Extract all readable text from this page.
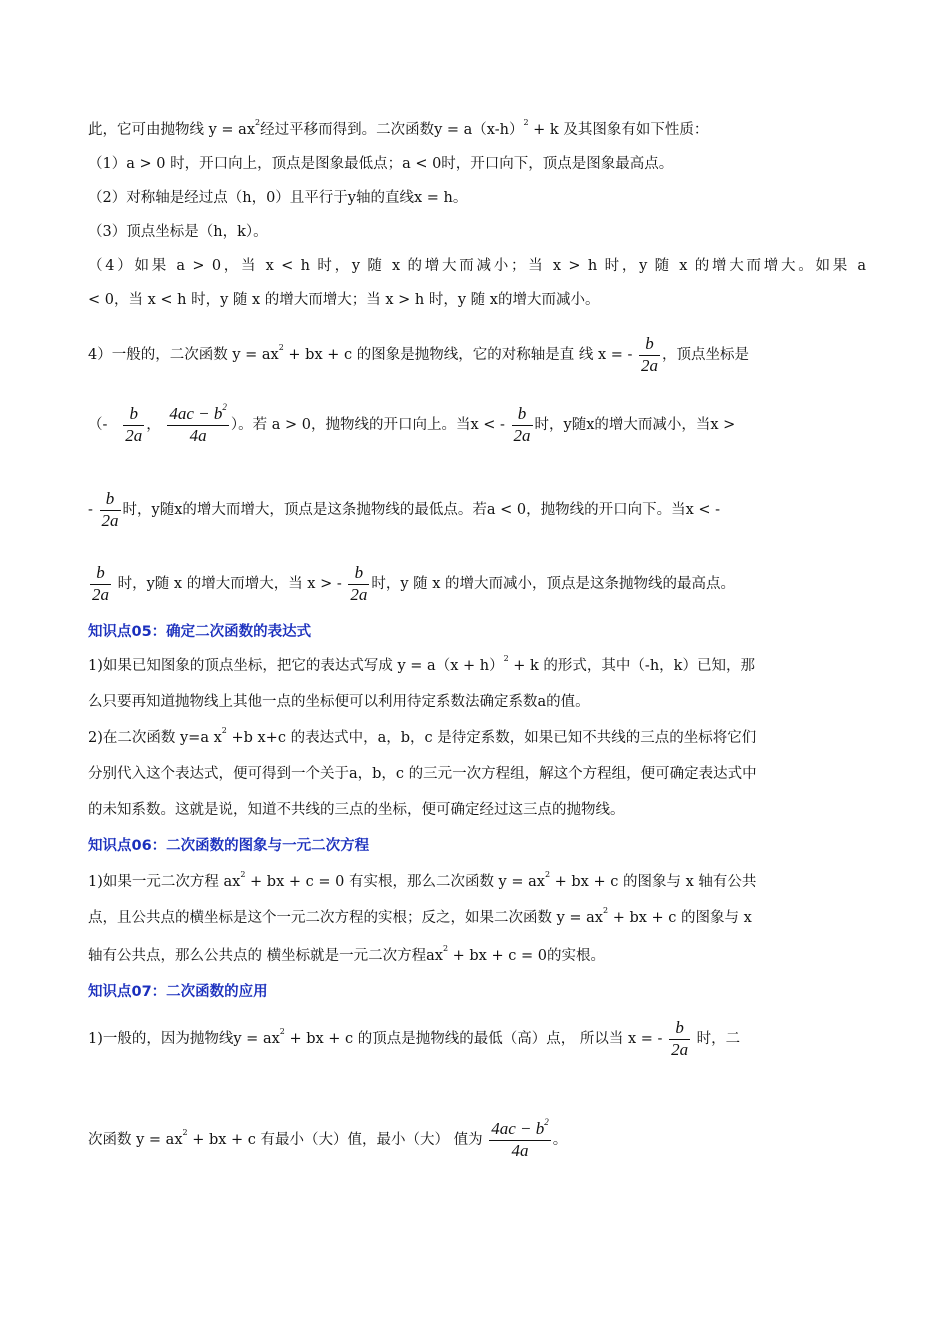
此，它可由抛物线 $y = ax^2$经过平移而得到。二次函数$y = a(x-h)^2 + k$ 及其图象有如下性质：
（1）a > 0 时，开口向上，顶点是图象最低点；a < 0时，开口向下，顶点是图象最高点。
（2）对称轴是经过点（h，0）且平行于y轴的直线x = h。
（3）顶点坐标是（h，k）。
（4）如果 a > 0，当 x < h 时，y 随 x 的增大而减小；当 x > h 时，y 随 x 的增大而增大。如果 a
< 0，当 x < h 时，y 随 x 的增大而增大；当 x > h 时，y 随 x的增大而减小。
4）一般的，二次函数 $y = ax^2$ + bx + c 的图象是抛物线，它的对称轴是直 线 x = - $\frac{b}{2a}$ ，顶点坐标是
（- $\frac{b}{2a}$ ， $\frac{4ac - b^2}{4a}$ ）。若 a > 0，抛物线的开口向上。当x < - $\frac{b}{2a}$ 时，y随x的增大而减小，当x >
- $\frac{b}{2a}$ 时，y随x的增大而增大，顶点是这条抛物线的最低点。若a < 0，抛物线的开口向下。当x < -
$\frac{b}{2a}$ 时，y随 x 的增大而增大，当 x > - $\frac{b}{2a}$ 时，y 随 x 的增大而减小，顶点是这条抛物线的最高点。
知识点05：确定二次函数的表达式
1)如果已知图象的顶点坐标，把它的表达式写成 $y = a(x + h)^2 + k$ 的形式，其中（-h，k）已知，那
么只要再知道抛物线上其他一点的坐标便可以利用待定系数法确定系数a的值。
2)在二次函数 y=a $x^2 +b$ x+c 的表达式中，a，b，c 是待定系数，如果已知不共线的三点的坐标将它们
分别代入这个表达式，便可得到一个关于a，b，c 的三元一次方程组，解这个方程组，便可确定表达式中
的未知系数。这就是说，知道不共线的三点的坐标，便可确定经过这三点的抛物线。
知识点06：二次函数的图象与一元二次方程
1)如果一元二次方程 $ax^2$ + bx + c = 0 有实根，那么二次函数 $y = ax^2$ + bx + c 的图象与 x 轴有公共
点，且公共点的横坐标是这个一元二次方程的实根；反之，如果二次函数 $y = ax^2$ + bx + c 的图象与 x
轴有公共点，那么公共点的 横坐标就是一元二次方程$ax^2$ + bx + c = 0的实根。
知识点07：二次函数的应用
1)一般的，因为抛物线$y = ax^2$ + bx + c 的顶点是抛物线的最低（高）点， 所以当 x = - $\frac{b}{2a}$ 时，二
次函数 $y = ax^2$ + bx + c 有最小（大）值，最小（大） 值为 $\frac{4ac - b^2}{4a}$ 。
